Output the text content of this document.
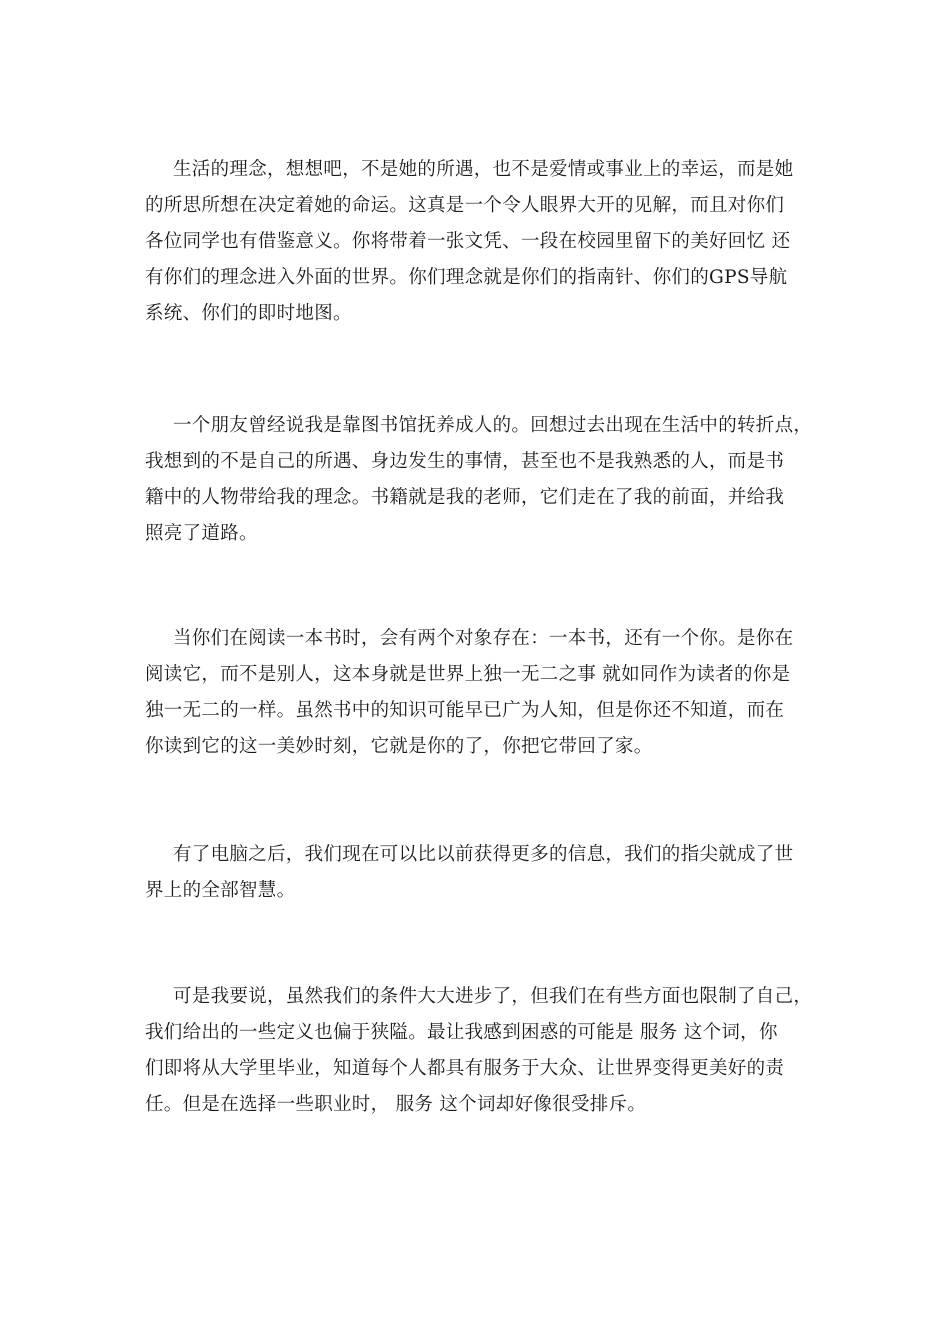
生活的理念，想想吧，不是她的所遇，也不是爱情或事业上的幸运，而是她
的所思所想在决定着她的命运。这真是一个令人眼界大开的见解，而且对你们
各位同学也有借鉴意义。你将带着一张文凭、一段在校园里留下的美好回忆 还
有你们的理念进入外面的世界。你们理念就是你们的指南针、你们的GPS导航
系统、你们的即时地图。
一个朋友曾经说我是靠图书馆抚养成人的。回想过去出现在生活中的转折点，
我想到的不是自己的所遇、身边发生的事情，甚至也不是我熟悉的人，而是书
籍中的人物带给我的理念。书籍就是我的老师，它们走在了我的前面，并给我
照亮了道路。
当你们在阅读一本书时，会有两个对象存在：一本书，还有一个你。是你在
阅读它，而不是别人，这本身就是世界上独一无二之事 就如同作为读者的你是
独一无二的一样。虽然书中的知识可能早已广为人知，但是你还不知道，而在
你读到它的这一美妙时刻，它就是你的了，你把它带回了家。
有了电脑之后，我们现在可以比以前获得更多的信息，我们的指尖就成了世
界上的全部智慧。
可是我要说，虽然我们的条件大大进步了，但我们在有些方面也限制了自己，
我们给出的一些定义也偏于狭隘。最让我感到困惑的可能是 服务 这个词，你
们即将从大学里毕业，知道每个人都具有服务于大众、让世界变得更美好的责
任。但是在选择一些职业时， 服务 这个词却好像很受排斥。
